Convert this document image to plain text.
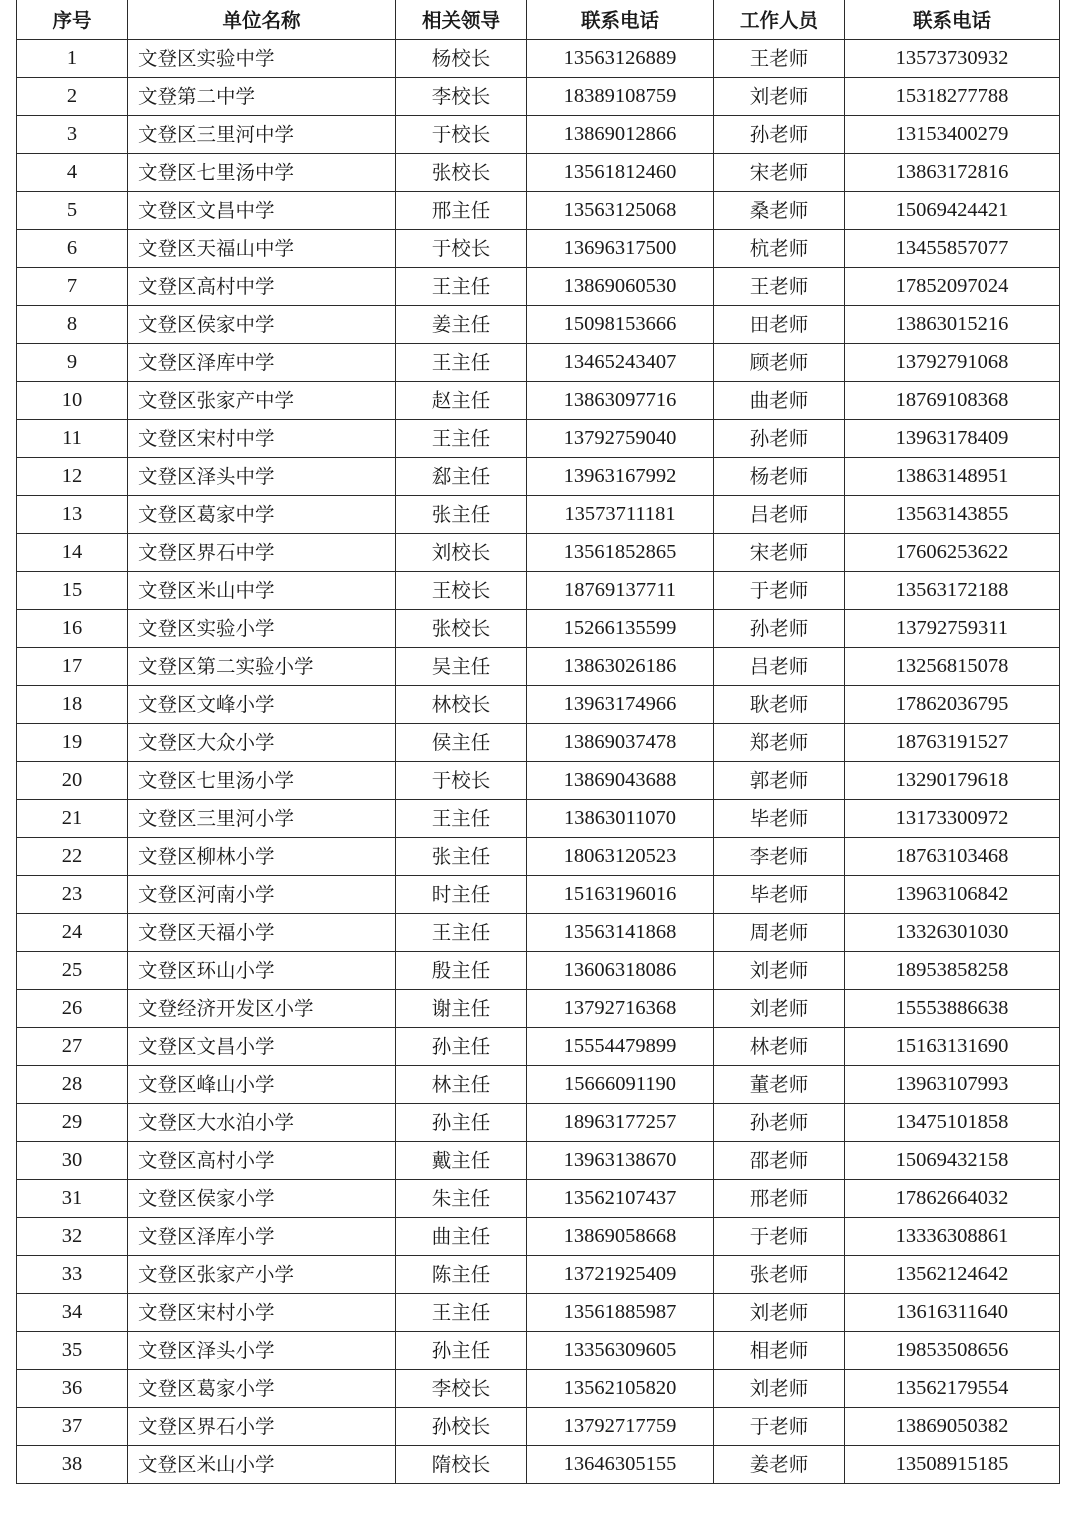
序号	单位名称	相关领导	联系电话	工作人员	联系电话
1	文登区实验中学	杨校长	13563126889	王老师	13573730932
2	文登第二中学	李校长	18389108759	刘老师	15318277788
3	文登区三里河中学	于校长	13869012866	孙老师	13153400279
4	文登区七里汤中学	张校长	13561812460	宋老师	13863172816
5	文登区文昌中学	邢主任	13563125068	桑老师	15069424421
6	文登区天福山中学	于校长	13696317500	杭老师	13455857077
7	文登区高村中学	王主任	13869060530	王老师	17852097024
8	文登区侯家中学	姜主任	15098153666	田老师	13863015216
9	文登区泽库中学	王主任	13465243407	顾老师	13792791068
10	文登区张家产中学	赵主任	13863097716	曲老师	18769108368
11	文登区宋村中学	王主任	13792759040	孙老师	13963178409
12	文登区泽头中学	郄主任	13963167992	杨老师	13863148951
13	文登区葛家中学	张主任	13573711181	吕老师	13563143855
14	文登区界石中学	刘校长	13561852865	宋老师	17606253622
15	文登区米山中学	王校长	18769137711	于老师	13563172188
16	文登区实验小学	张校长	15266135599	孙老师	13792759311
17	文登区第二实验小学	吴主任	13863026186	吕老师	13256815078
18	文登区文峰小学	林校长	13963174966	耿老师	17862036795
19	文登区大众小学	侯主任	13869037478	郑老师	18763191527
20	文登区七里汤小学	于校长	13869043688	郭老师	13290179618
21	文登区三里河小学	王主任	13863011070	毕老师	13173300972
22	文登区柳林小学	张主任	18063120523	李老师	18763103468
23	文登区河南小学	时主任	15163196016	毕老师	13963106842
24	文登区天福小学	王主任	13563141868	周老师	13326301030
25	文登区环山小学	殷主任	13606318086	刘老师	18953858258
26	文登经济开发区小学	谢主任	13792716368	刘老师	15553886638
27	文登区文昌小学	孙主任	15554479899	林老师	15163131690
28	文登区峰山小学	林主任	15666091190	董老师	13963107993
29	文登区大水泊小学	孙主任	18963177257	孙老师	13475101858
30	文登区高村小学	戴主任	13963138670	邵老师	15069432158
31	文登区侯家小学	朱主任	13562107437	邢老师	17862664032
32	文登区泽库小学	曲主任	13869058668	于老师	13336308861
33	文登区张家产小学	陈主任	13721925409	张老师	13562124642
34	文登区宋村小学	王主任	13561885987	刘老师	13616311640
35	文登区泽头小学	孙主任	13356309605	相老师	19853508656
36	文登区葛家小学	李校长	13562105820	刘老师	13562179554
37	文登区界石小学	孙校长	13792717759	于老师	13869050382
38	文登区米山小学	隋校长	13646305155	姜老师	13508915185
